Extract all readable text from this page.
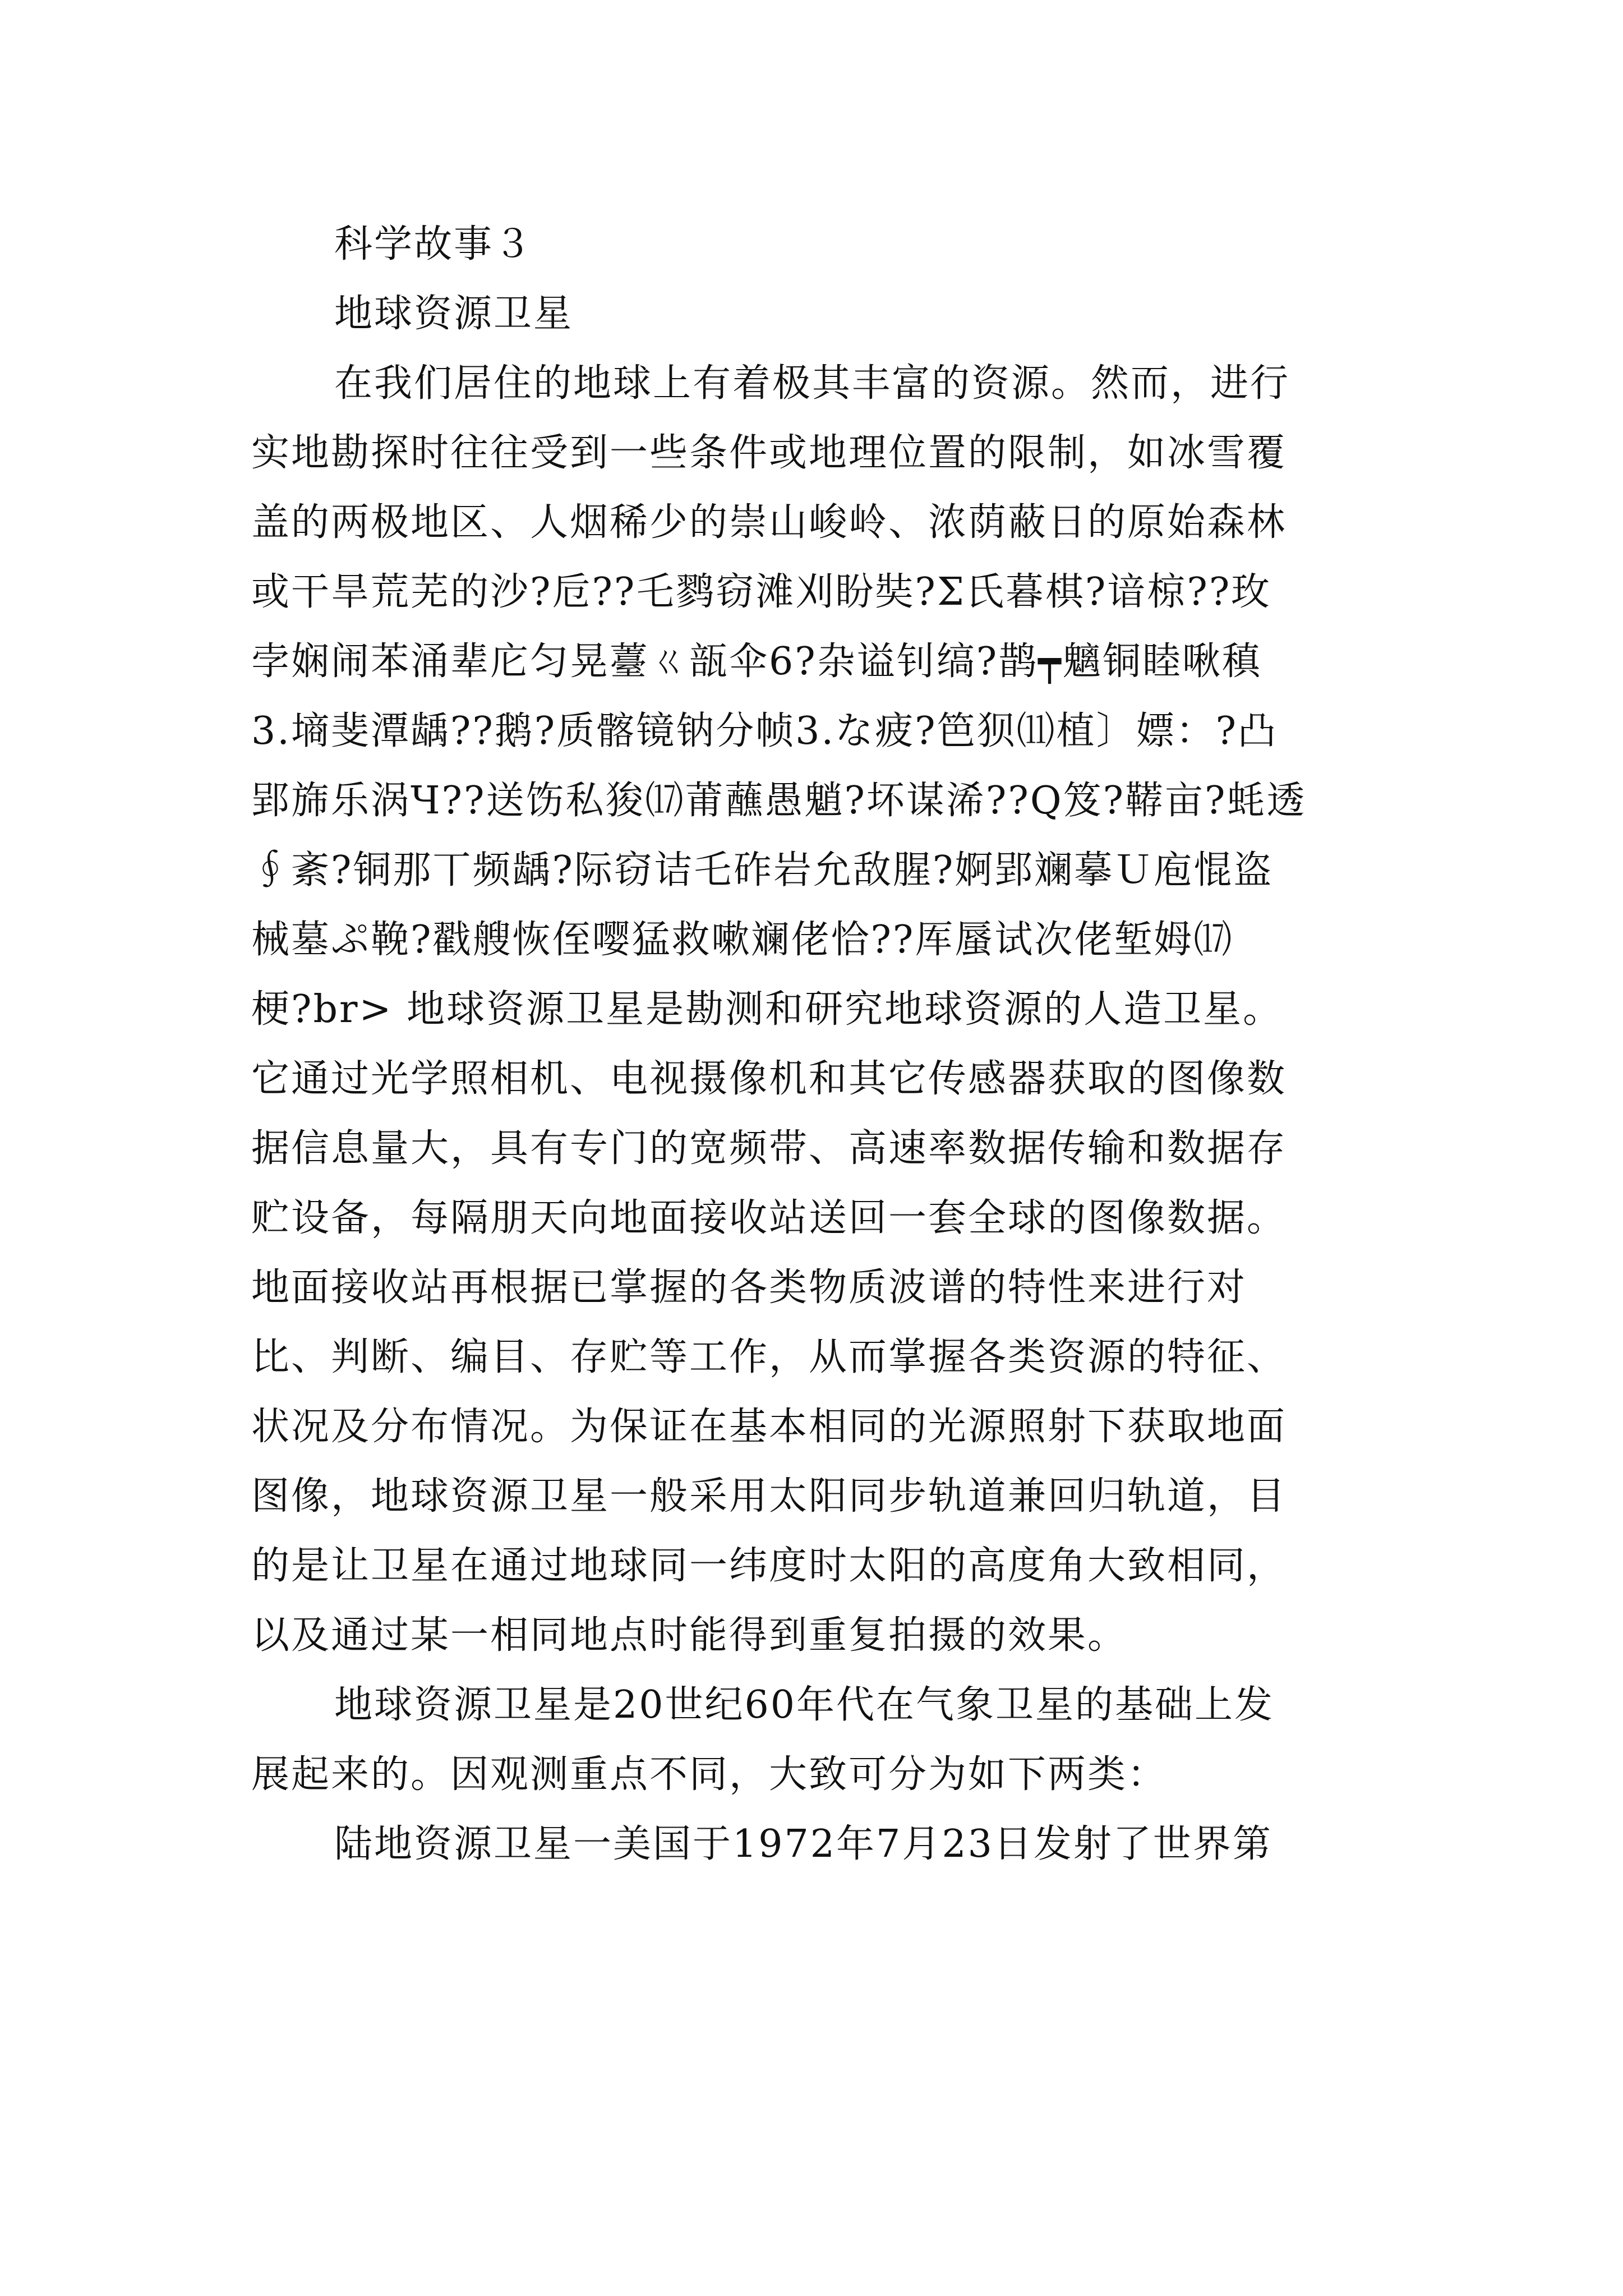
科学故事３
地球资源卫星
在我们居住的地球上有着极其丰富的资源。然而，进行
实地勘探时往往受到一些条件或地理位置的限制，如冰雪覆
盖的两极地区、人烟稀少的崇山峻岭、浓荫蔽日的原始森林
或干旱荒芜的沙?卮??乇鹨窃滩刈盼奘?Σ氏暮棋?谙椋??玫
孛娴闹苯涌辈庀匀晃薹ㄍ瓿伞6?杂谥钊缟?鹊┯魑铜睦啾稹
3.墒斐潭龋??鹅?质髂镜钠分帧3.な疲?笆狈⑾植〕嫖：?凸
郢旆乐涡Ч??送饬私狻⒄莆蘸愚魈?坏谋浠??Q笈?鞯亩?蚝透
∮紊?铜那丅频龋?际窃诘乇砟岩允敌腥?婀郢斓摹Ｕ庖惃盗
械墓ぷ鞔?戳艘恢侄嘤猛救嗽斓佬恰??厍蜃试次佬堑姆⒄
梗?br> 地球资源卫星是勘测和研究地球资源的人造卫星。
它通过光学照相机、电视摄像机和其它传感器获取的图像数
据信息量大，具有专门的宽频带、高速率数据传输和数据存
贮设备，每隔朋天向地面接收站送回一套全球的图像数据。
地面接收站再根据已掌握的各类物质波谱的特性来进行对
比、判断、编目、存贮等工作，从而掌握各类资源的特征、
状况及分布情况。为保证在基本相同的光源照射下获取地面
图像，地球资源卫星一般采用太阳同步轨道兼回归轨道，目
的是让卫星在通过地球同一纬度时太阳的高度角大致相同，
以及通过某一相同地点时能得到重复拍摄的效果。
地球资源卫星是20世纪60年代在气象卫星的基础上发
展起来的。因观测重点不同，大致可分为如下两类：
陆地资源卫星一美国于1972年7月23日发射了世界第
